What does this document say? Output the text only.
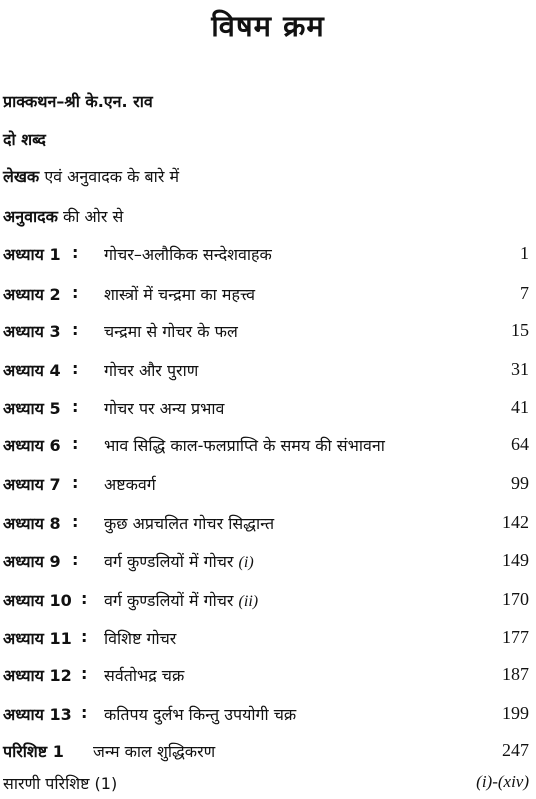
विषम क्रम
प्राक्कथन–श्री के.एन. राव
दो शब्द
लेखक एवं अनुवादक के बारे में
अनुवादक की ओर से
अध्याय 1 : गोचर–अलौकिक सन्देशवाहक	1
अध्याय 2 : शास्त्रों में चन्द्रमा का महत्त्व	7
अध्याय 3 : चन्द्रमा से गोचर के फल	15
अध्याय 4 : गोचर और पुराण	31
अध्याय 5 : गोचर पर अन्य प्रभाव	41
अध्याय 6 : भाव सिद्धि काल-फलप्राप्ति के समय की संभावना	64
अध्याय 7 : अष्टकवर्ग	99
अध्याय 8 : कुछ अप्रचलित गोचर सिद्धान्त	142
अध्याय 9 : वर्ग कुण्डलियों में गोचर (i)	149
अध्याय 10 : वर्ग कुण्डलियों में गोचर (ii)	170
अध्याय 11 : विशिष्ट गोचर	177
अध्याय 12 : सर्वतोभद्र चक्र	187
अध्याय 13 : कतिपय दुर्लभ किन्तु उपयोगी चक्र	199
परिशिष्ट 1 जन्म काल शुद्धिकरण	247
सारणी परिशिष्ट (1)	(i)-(xiv)
